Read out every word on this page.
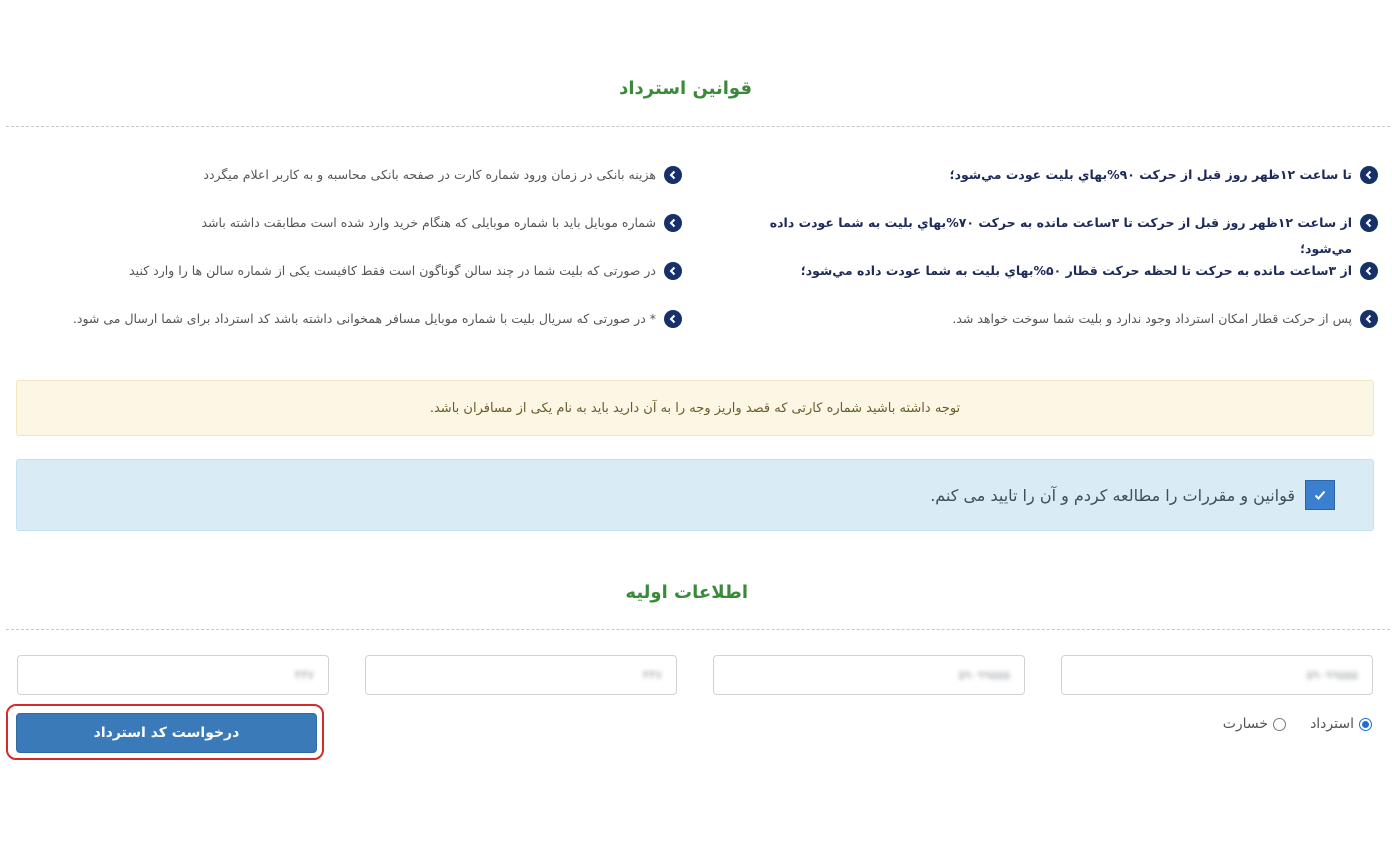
قوانين استرداد
تا ساعت ۱۲ظهر روز قبل از حرکت ۹۰%بهاي بليت عودت مي‌شود؛
از ساعت ۱۲ظهر روز قبل از حرکت تا ۳ساعت مانده به حرکت ۷۰%بهاي بليت به شما عودت داده مي‌شود؛
از ۳ساعت مانده به حرکت تا لحظه حرکت قطار ۵۰%بهاي بليت به شما عودت داده مي‌شود؛
پس از حرکت قطار امکان استرداد وجود ندارد و بلیت شما سوخت خواهد شد.
هزینه بانکی در زمان ورود شماره کارت در صفحه بانکی محاسبه و به کاربر اعلام میگردد
شماره موبایل باید با شماره موبایلی که هنگام خرید وارد شده است مطابقت داشته باشد
در صورتی که بلیت شما در چند سالن گوناگون است فقط کافیست یکی از شماره سالن ها را وارد کنید
* در صورتی که سریال بلیت با شماره موبایل مسافر همخوانی داشته باشد کد استرداد برای شما ارسال می شود.
توجه داشته باشید شماره کارتی که قصد واریز وجه را به آن دارید باید به نام یکی از مسافران باشد.
قوانین و مقررات را مطالعه کردم و آن را تایید می کنم.
اطلاعات اولیه
۵۹۰۹۹۵۵۵
۵۹۰۹۹۵۵۵
۴۴۷
۴۴۷
استرداد
خسارت
درخواست کد استرداد
